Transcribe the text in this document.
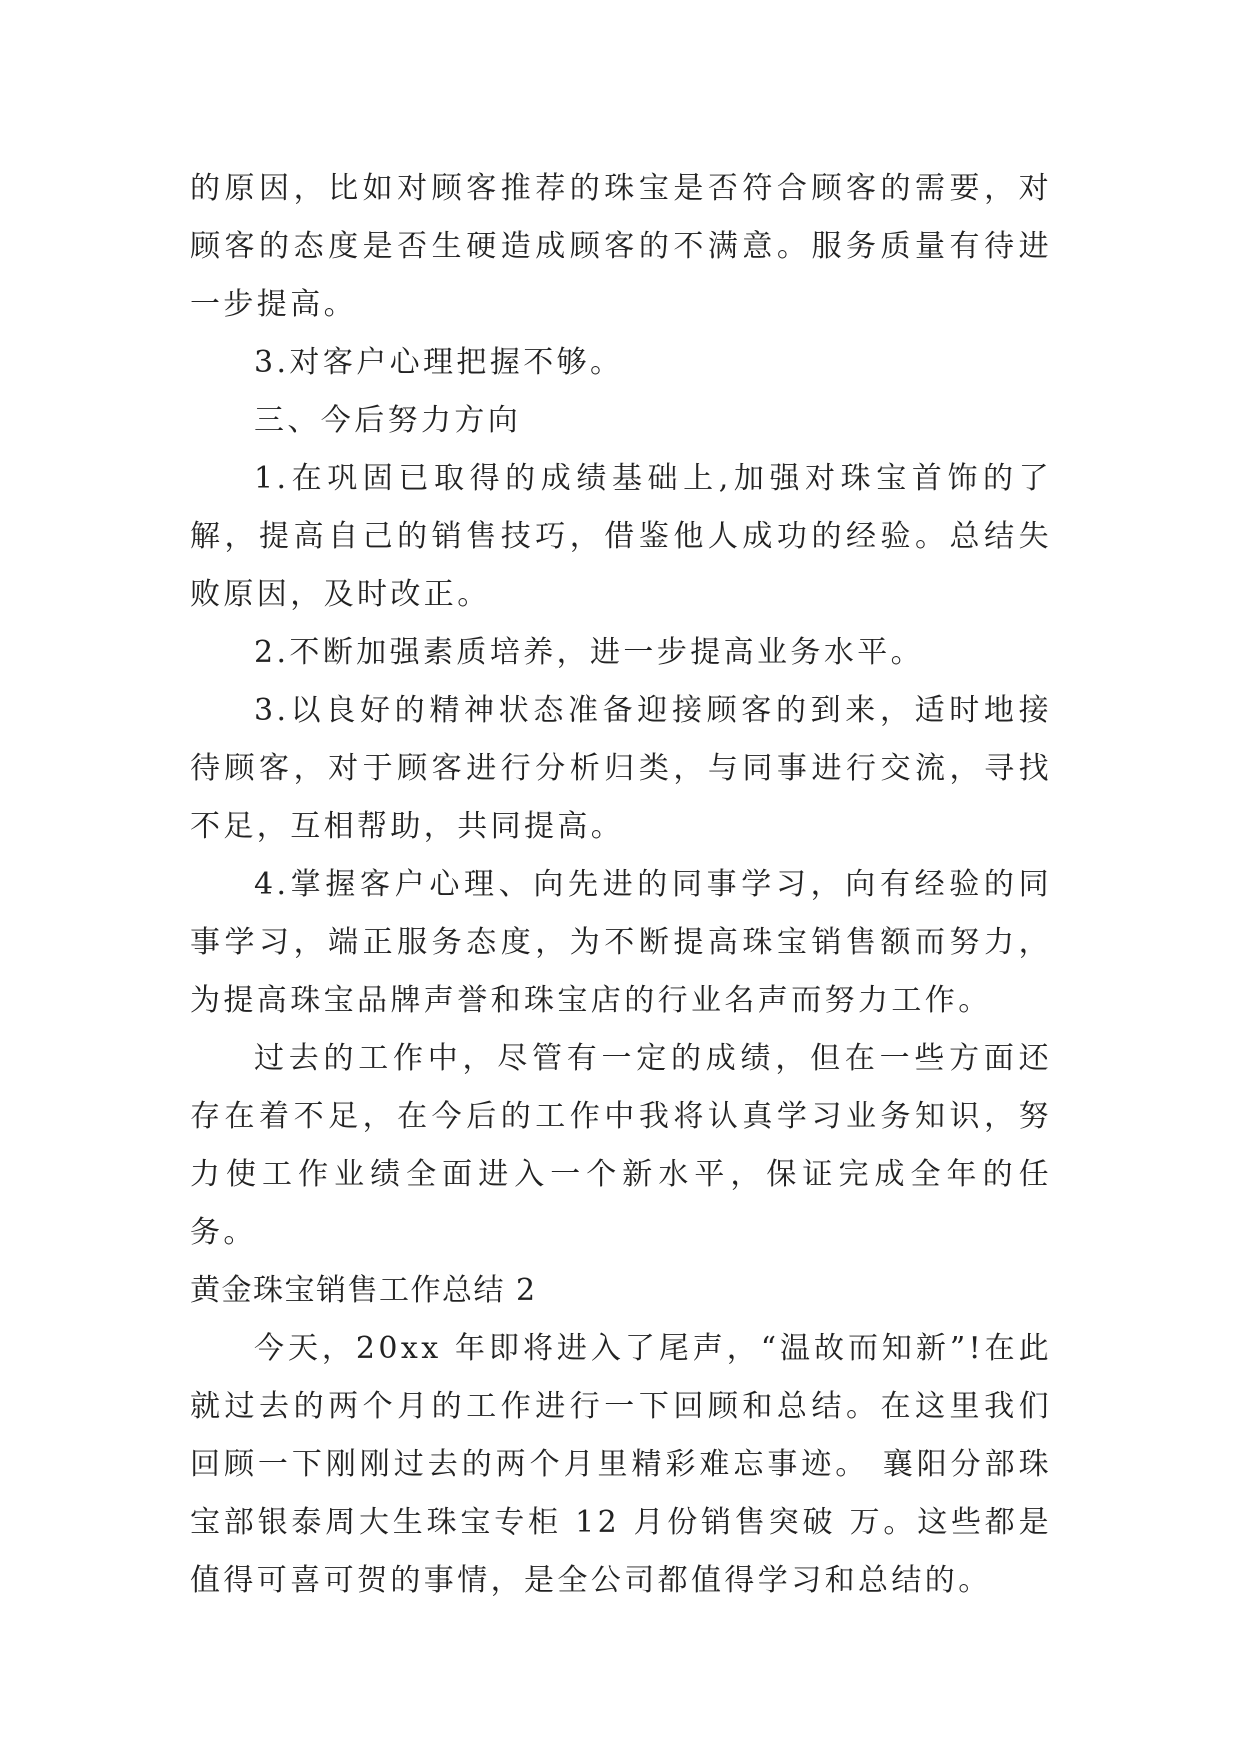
的原因，比如对顾客推荐的珠宝是否符合顾客的需要，对顾客的态度是否生硬造成顾客的不满意。服务质量有待进一步提高。

3.对客户心理把握不够。

三、今后努力方向

1.在巩固已取得的成绩基础上,加强对珠宝首饰的了解，提高自己的销售技巧，借鉴他人成功的经验。总结失败原因，及时改正。

2.不断加强素质培养，进一步提高业务水平。

3.以良好的精神状态准备迎接顾客的到来，适时地接待顾客，对于顾客进行分析归类，与同事进行交流，寻找不足，互相帮助，共同提高。

4.掌握客户心理、向先进的同事学习，向有经验的同事学习，端正服务态度，为不断提高珠宝销售额而努力，为提高珠宝品牌声誉和珠宝店的行业名声而努力工作。

过去的工作中，尽管有一定的成绩，但在一些方面还存在着不足，在今后的工作中我将认真学习业务知识，努力使工作业绩全面进入一个新水平，保证完成全年的任务。

黄金珠宝销售工作总结 2

今天，20xx 年即将进入了尾声，“温故而知新”!在此就过去的两个月的工作进行一下回顾和总结。在这里我们回顾一下刚刚过去的两个月里精彩难忘事迹。 襄阳分部珠宝部银泰周大生珠宝专柜 12 月份销售突破 万。这些都是值得可喜可贺的事情，是全公司都值得学习和总结的。
